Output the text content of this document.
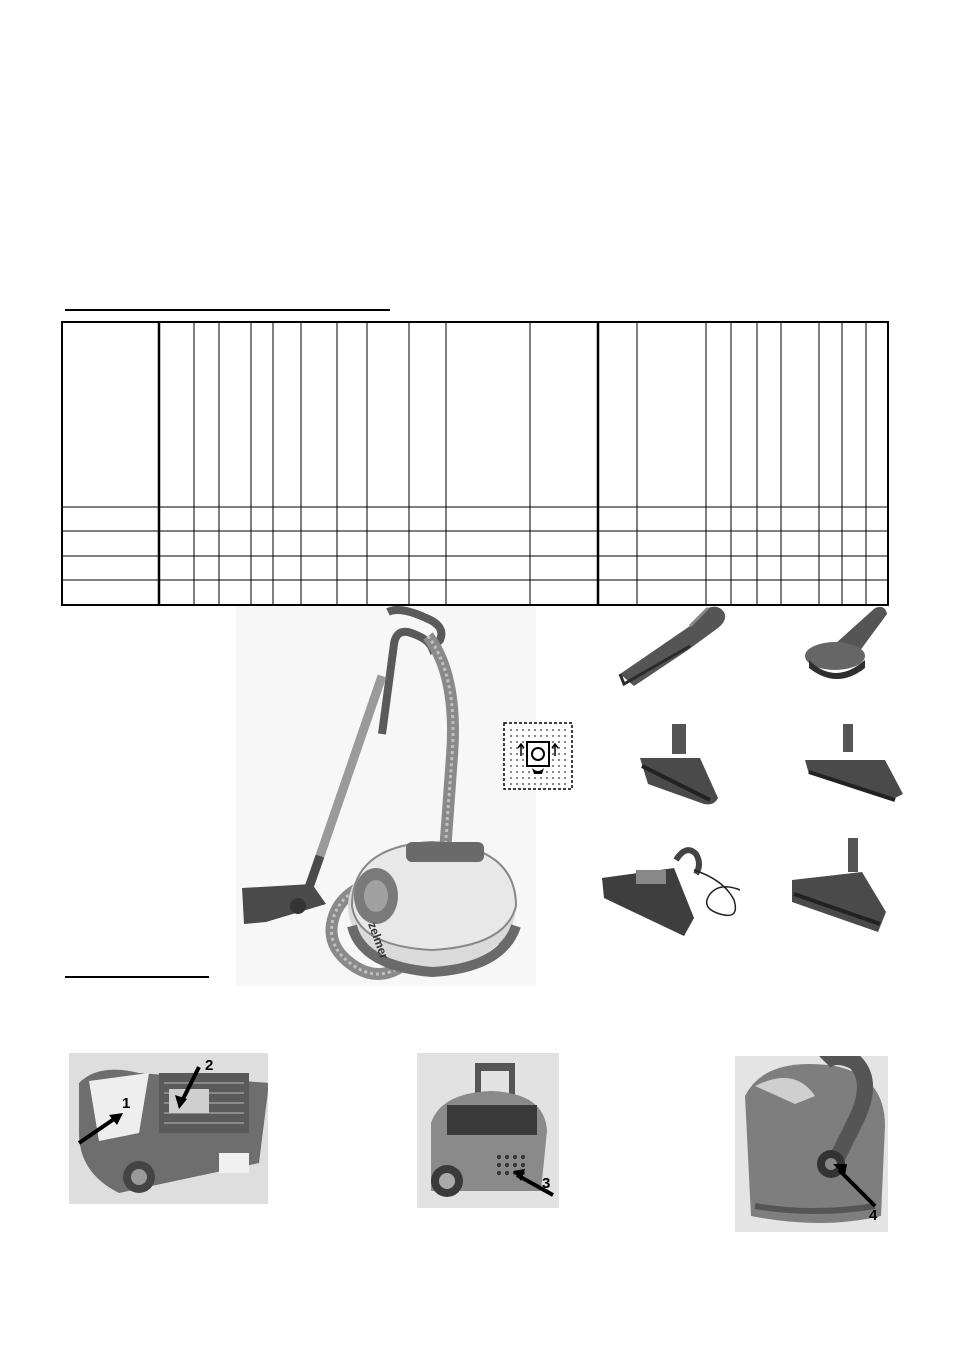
zelmer
1
2
3
4
